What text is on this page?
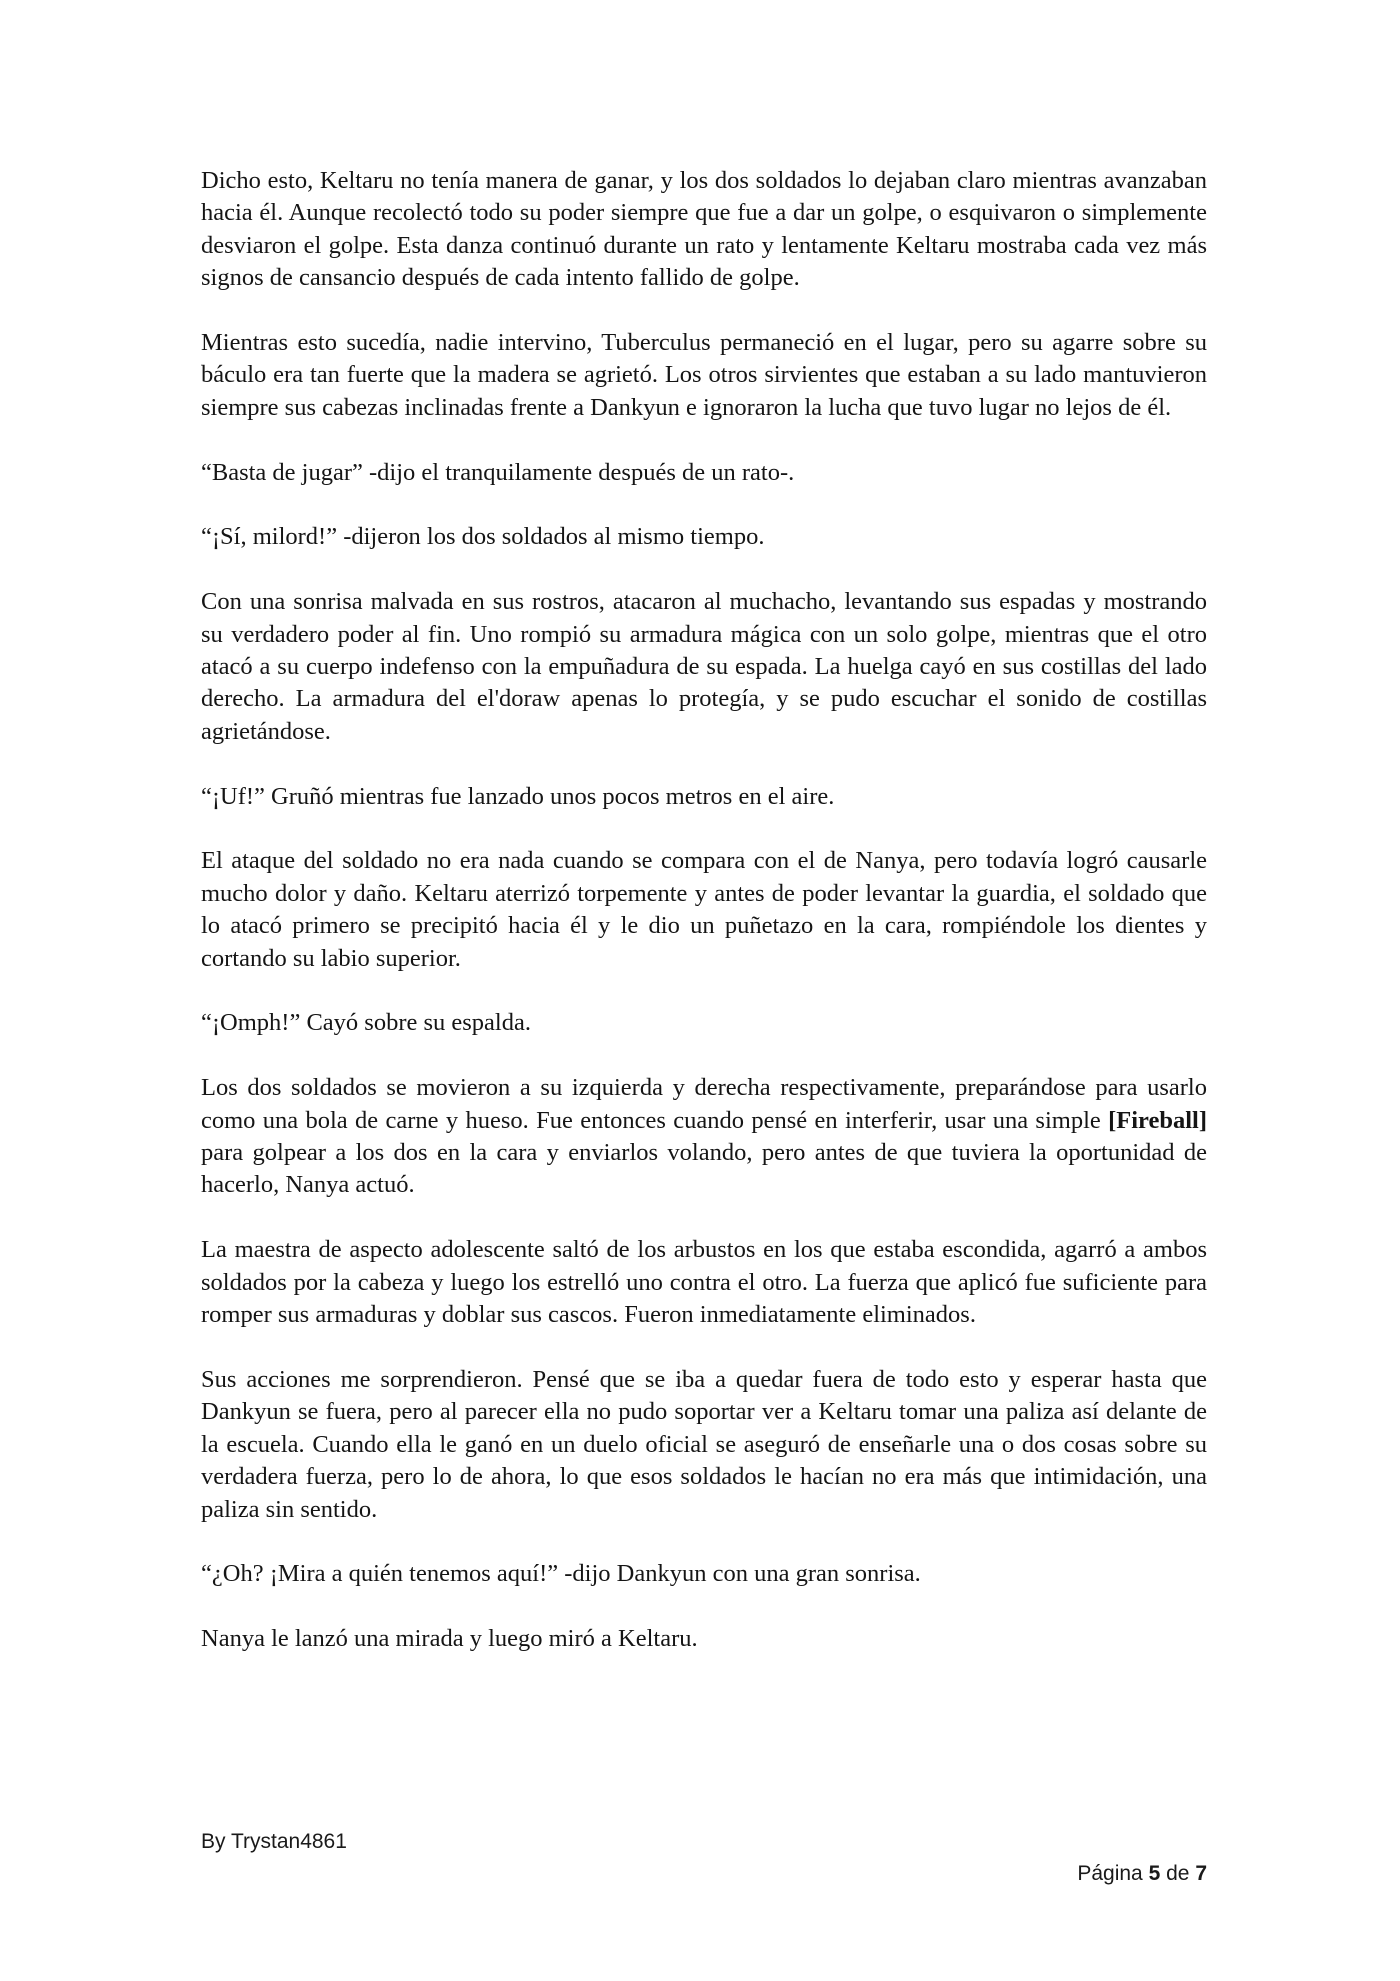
Dicho esto, Keltaru no tenía manera de ganar, y los dos soldados lo dejaban claro mientras avanzaban hacia él. Aunque recolectó todo su poder siempre que fue a dar un golpe, o esquivaron o simplemente desviaron el golpe. Esta danza continuó durante un rato y lentamente Keltaru mostraba cada vez más signos de cansancio después de cada intento fallido de golpe.

Mientras esto sucedía, nadie intervino, Tuberculus permaneció en el lugar, pero su agarre sobre su báculo era tan fuerte que la madera se agrietó. Los otros sirvientes que estaban a su lado mantuvieron siempre sus cabezas inclinadas frente a Dankyun e ignoraron la lucha que tuvo lugar no lejos de él.

“Basta de jugar” -dijo el tranquilamente después de un rato-.

“¡Sí, milord!” -dijeron los dos soldados al mismo tiempo.

Con una sonrisa malvada en sus rostros, atacaron al muchacho, levantando sus espadas y mostrando su verdadero poder al fin. Uno rompió su armadura mágica con un solo golpe, mientras que el otro atacó a su cuerpo indefenso con la empuñadura de su espada. La huelga cayó en sus costillas del lado derecho. La armadura del el'doraw apenas lo protegía, y se pudo escuchar el sonido de costillas agrietándose.

“¡Uf!” Gruñó mientras fue lanzado unos pocos metros en el aire.

El ataque del soldado no era nada cuando se compara con el de Nanya, pero todavía logró causarle mucho dolor y daño. Keltaru aterrizó torpemente y antes de poder levantar la guardia, el soldado que lo atacó primero se precipitó hacia él y le dio un puñetazo en la cara, rompiéndole los dientes y cortando su labio superior.

“¡Omph!” Cayó sobre su espalda.

Los dos soldados se movieron a su izquierda y derecha respectivamente, preparándose para usarlo como una bola de carne y hueso. Fue entonces cuando pensé en interferir, usar una simple [Fireball] para golpear a los dos en la cara y enviarlos volando, pero antes de que tuviera la oportunidad de hacerlo, Nanya actuó.

La maestra de aspecto adolescente saltó de los arbustos en los que estaba escondida, agarró a ambos soldados por la cabeza y luego los estrelló uno contra el otro. La fuerza que aplicó fue suficiente para romper sus armaduras y doblar sus cascos. Fueron inmediatamente eliminados.

Sus acciones me sorprendieron. Pensé que se iba a quedar fuera de todo esto y esperar hasta que Dankyun se fuera, pero al parecer ella no pudo soportar ver a Keltaru tomar una paliza así delante de la escuela. Cuando ella le ganó en un duelo oficial se aseguró de enseñarle una o dos cosas sobre su verdadera fuerza, pero lo de ahora, lo que esos soldados le hacían no era más que intimidación, una paliza sin sentido.

“¿Oh? ¡Mira a quién tenemos aquí!” -dijo Dankyun con una gran sonrisa.

Nanya le lanzó una mirada y luego miró a Keltaru.

By Trystan4861
Página 5 de 7
